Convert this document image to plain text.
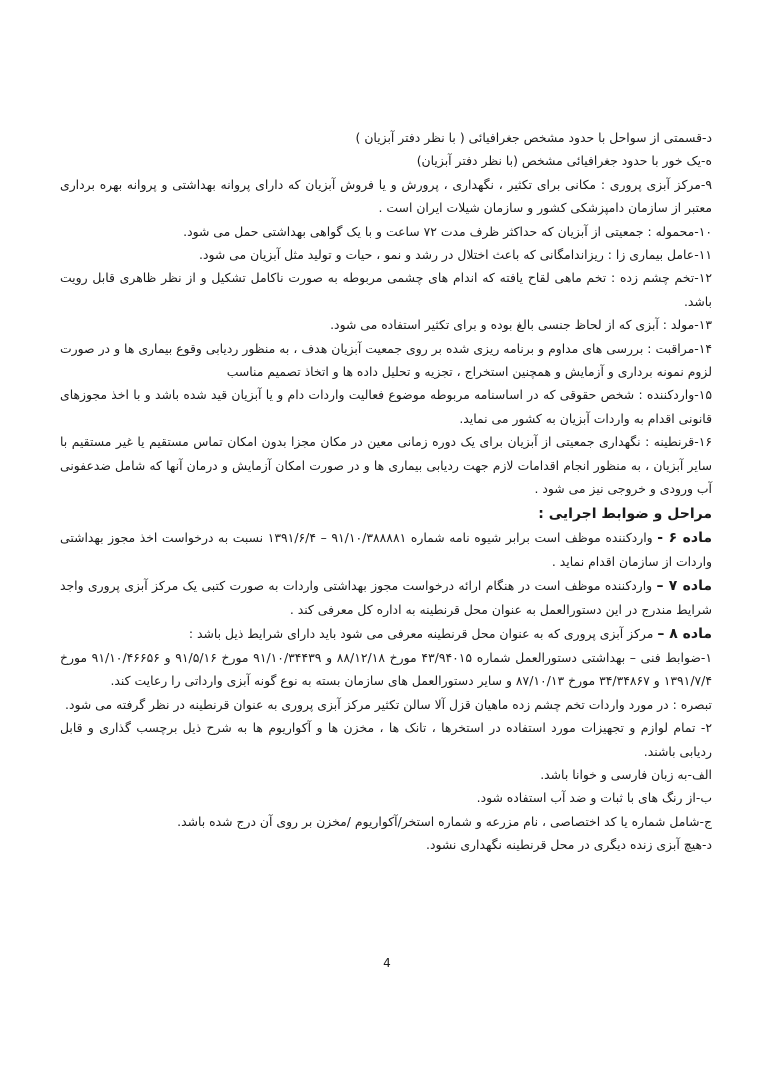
د-قسمتی از سواحل با حدود مشخص جغرافیائی ( با نظر دفتر آبزیان )

ه-یک خور با حدود جغرافیائی مشخص (با نظر دفتر آبزیان)

۹-مرکز آبزی پروری : مکانی برای تکثیر ، نگهداری ، پرورش و یا فروش آبزیان که دارای پروانه بهداشتی و پروانه بهره برداری معتبر از سازمان دامپزشکی کشور و سازمان شیلات ایران است .

۱۰-محموله : جمعیتی از آبزیان که حداکثر ظرف مدت ۷۲ ساعت و با یک گواهی بهداشتی حمل می شود.

۱۱-عامل بیماری زا : ریزاندامگانی که باعث اختلال در رشد و نمو ، حیات و تولید مثل آبزیان می شود.

۱۲-تخم چشم زده : تخم ماهی لقاح یافته که اندام های چشمی مربوطه به صورت ناکامل تشکیل و از نظر ظاهری قابل رویت باشد.

۱۳-مولد : آبزی که از لحاظ جنسی بالغ بوده و برای تکثیر استفاده می شود.

۱۴-مراقبت : بررسی های مداوم و برنامه ریزی شده بر روی جمعیت آبزیان هدف ، به منظور ردیابی وقوع بیماری ها و در صورت لزوم نمونه برداری و آزمایش و همچنین استخراج ، تجزیه و تحلیل داده ها و اتخاذ تصمیم مناسب

۱۵-واردکننده : شخص حقوقی که در اساسنامه مربوطه موضوع فعالیت واردات دام و یا آبزیان قید شده باشد و با اخذ مجوزهای قانونی اقدام به واردات آبزیان به کشور می نماید.

۱۶-قرنطینه : نگهداری جمعیتی از آبزیان برای یک دوره زمانی معین در مکان مجزا بدون امکان تماس مستقیم یا غیر مستقیم با سایر آبزیان ، به منظور انجام اقدامات لازم جهت ردیابی بیماری ها و در صورت امکان آزمایش و درمان آنها که شامل ضدعفونی آب ورودی و خروجی نیز می شود .

مراحل و ضوابط اجرایی :

ماده ۶ - واردکننده موظف است برابر شیوه نامه شماره ۹۱/۱۰/۳۸۸۸۸۱ – ۱۳۹۱/۶/۴ نسبت به درخواست اخذ مجوز بهداشتی واردات از سازمان اقدام نماید .

ماده ۷ – واردکننده موظف است در هنگام ارائه درخواست مجوز بهداشتی واردات به صورت کتبی یک مرکز آبزی پروری واجد شرایط مندرج در این دستورالعمل به عنوان محل قرنطینه به اداره کل معرفی کند .

ماده ۸ – مرکز آبزی پروری که به عنوان محل قرنطینه معرفی می شود باید دارای شرایط ذیل باشد :

۱-ضوابط فنی – بهداشتی دستورالعمل شماره ۴۳/۹۴۰۱۵ مورخ ۸۸/۱۲/۱۸ و ۹۱/۱۰/۳۴۴۳۹ مورخ ۹۱/۵/۱۶ و ۹۱/۱۰/۴۶۶۵۶ مورخ ۱۳۹۱/۷/۴ و ۳۴/۳۴۸۶۷ مورخ ۸۷/۱۰/۱۳ و سایر دستورالعمل های سازمان بسته به نوع گونه آبزی وارداتی را رعایت کند.

تبصره : در مورد واردات تخم چشم زده ماهیان قزل آلا سالن تکثیر مرکز آبزی پروری به عنوان قرنطینه در نظر گرفته می شود.

۲- تمام لوازم و تجهیزات مورد استفاده در استخرها ، تانک ها ، مخزن ها و آکواریوم ها به شرح ذیل برچسب گذاری و قابل ردیابی باشند.

الف-به زبان فارسی و خوانا باشد.

ب-از رنگ های با ثبات و ضد آب استفاده شود.

ج-شامل شماره یا کد اختصاصی ، نام مزرعه و شماره استخر/آکواریوم /مخزن بر روی آن درج شده باشد.

د-هیچ آبزی زنده دیگری در محل قرنطینه نگهداری نشود.

4
